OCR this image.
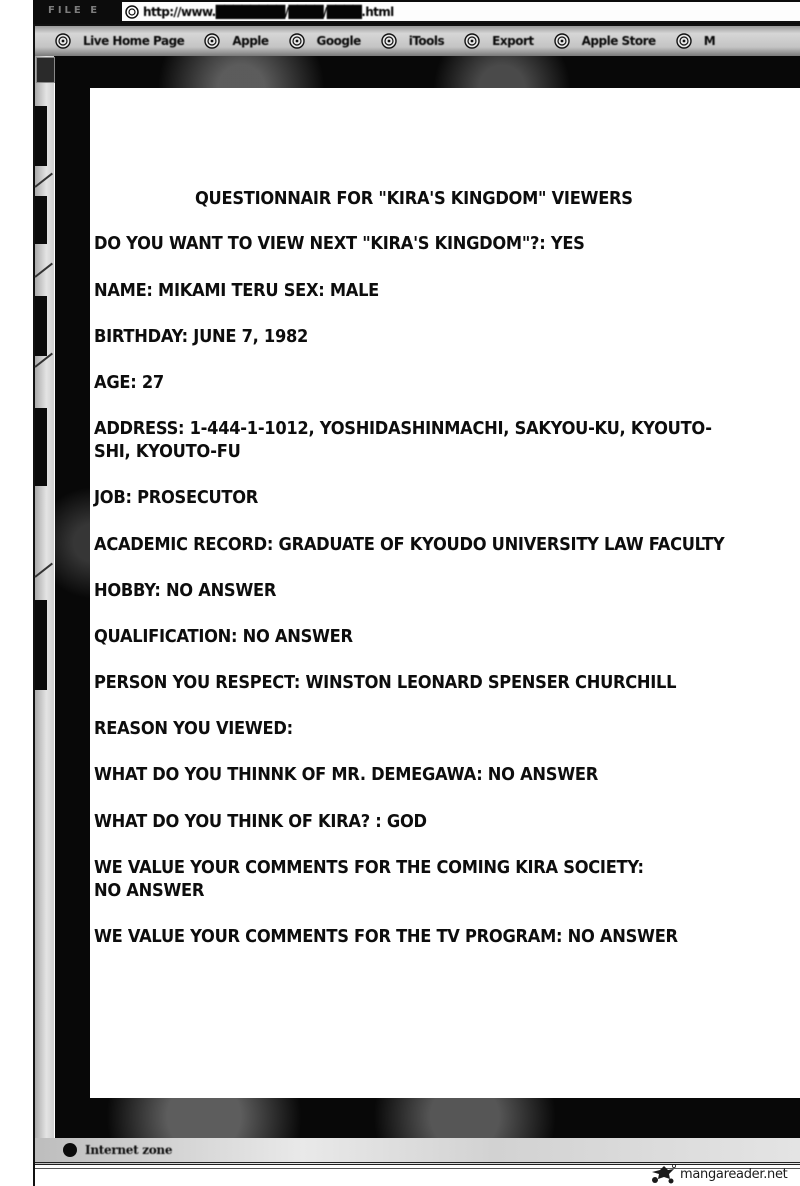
FILE E	http://www.████████/████/████.html
Live Home Page	Apple	Google	iTools	Export	Apple Store	M
QUESTIONNAIR FOR "KIRA'S KINGDOM" VIEWERS
DO YOU WANT TO VIEW NEXT "KIRA'S KINGDOM"?: YES
NAME: MIKAMI TERU SEX: MALE
BIRTHDAY: JUNE 7, 1982
AGE: 27
ADDRESS: 1-444-1-1012, YOSHIDASHINMACHI, SAKYOU-KU, KYOUTO-
SHI, KYOUTO-FU
JOB: PROSECUTOR
ACADEMIC RECORD: GRADUATE OF KYOUDO UNIVERSITY LAW FACULTY
HOBBY: NO ANSWER
QUALIFICATION: NO ANSWER
PERSON YOU RESPECT: WINSTON LEONARD SPENSER CHURCHILL
REASON YOU VIEWED:
WHAT DO YOU THINNK OF MR. DEMEGAWA: NO ANSWER
WHAT DO YOU THINK OF KIRA? : GOD
WE VALUE YOUR COMMENTS FOR THE COMING KIRA SOCIETY:
NO ANSWER
WE VALUE YOUR COMMENTS FOR THE TV PROGRAM: NO ANSWER
Internet zone
mangareader.net
